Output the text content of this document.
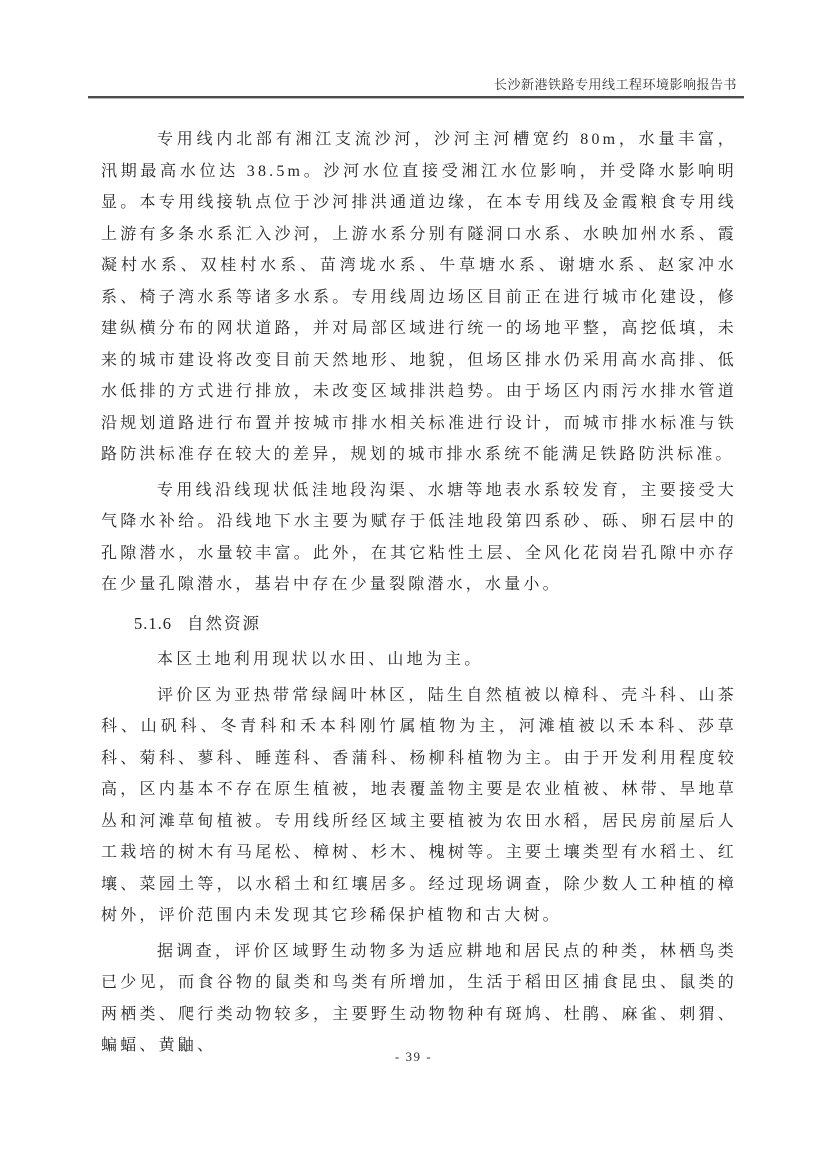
长沙新港铁路专用线工程环境影响报告书

专用线内北部有湘江支流沙河，沙河主河槽宽约 80m，水量丰富，汛期最高水位达 38.5m。沙河水位直接受湘江水位影响，并受降水影响明显。本专用线接轨点位于沙河排洪通道边缘，在本专用线及金霞粮食专用线上游有多条水系汇入沙河，上游水系分别有隧洞口水系、水映加州水系、霞凝村水系、双桂村水系、苗湾垅水系、牛草塘水系、谢塘水系、赵家冲水系、椅子湾水系等诸多水系。专用线周边场区目前正在进行城市化建设，修建纵横分布的网状道路，并对局部区域进行统一的场地平整，高挖低填，未来的城市建设将改变目前天然地形、地貌，但场区排水仍采用高水高排、低水低排的方式进行排放，未改变区域排洪趋势。由于场区内雨污水排水管道沿规划道路进行布置并按城市排水相关标准进行设计，而城市排水标准与铁路防洪标准存在较大的差异，规划的城市排水系统不能满足铁路防洪标准。

专用线沿线现状低洼地段沟渠、水塘等地表水系较发育，主要接受大气降水补给。沿线地下水主要为赋存于低洼地段第四系砂、砾、卵石层中的孔隙潜水，水量较丰富。此外，在其它粘性土层、全风化花岗岩孔隙中亦存在少量孔隙潜水，基岩中存在少量裂隙潜水，水量小。

5.1.6 自然资源

本区土地利用现状以水田、山地为主。

评价区为亚热带常绿阔叶林区，陆生自然植被以樟科、壳斗科、山茶科、山矾科、冬青科和禾本科刚竹属植物为主，河滩植被以禾本科、莎草科、菊科、蓼科、睡莲科、香蒲科、杨柳科植物为主。由于开发利用程度较高，区内基本不存在原生植被，地表覆盖物主要是农业植被、林带、旱地草丛和河滩草甸植被。专用线所经区域主要植被为农田水稻，居民房前屋后人工栽培的树木有马尾松、樟树、杉木、槐树等。主要土壤类型有水稻土、红壤、菜园土等，以水稻土和红壤居多。经过现场调查，除少数人工种植的樟树外，评价范围内未发现其它珍稀保护植物和古大树。

据调查，评价区域野生动物多为适应耕地和居民点的种类，林栖鸟类已少见，而食谷物的鼠类和鸟类有所增加，生活于稻田区捕食昆虫、鼠类的两栖类、爬行类动物较多，主要野生动物物种有斑鸠、杜鹃、麻雀、刺猬、蝙蝠、黄鼬、

- 39 -
